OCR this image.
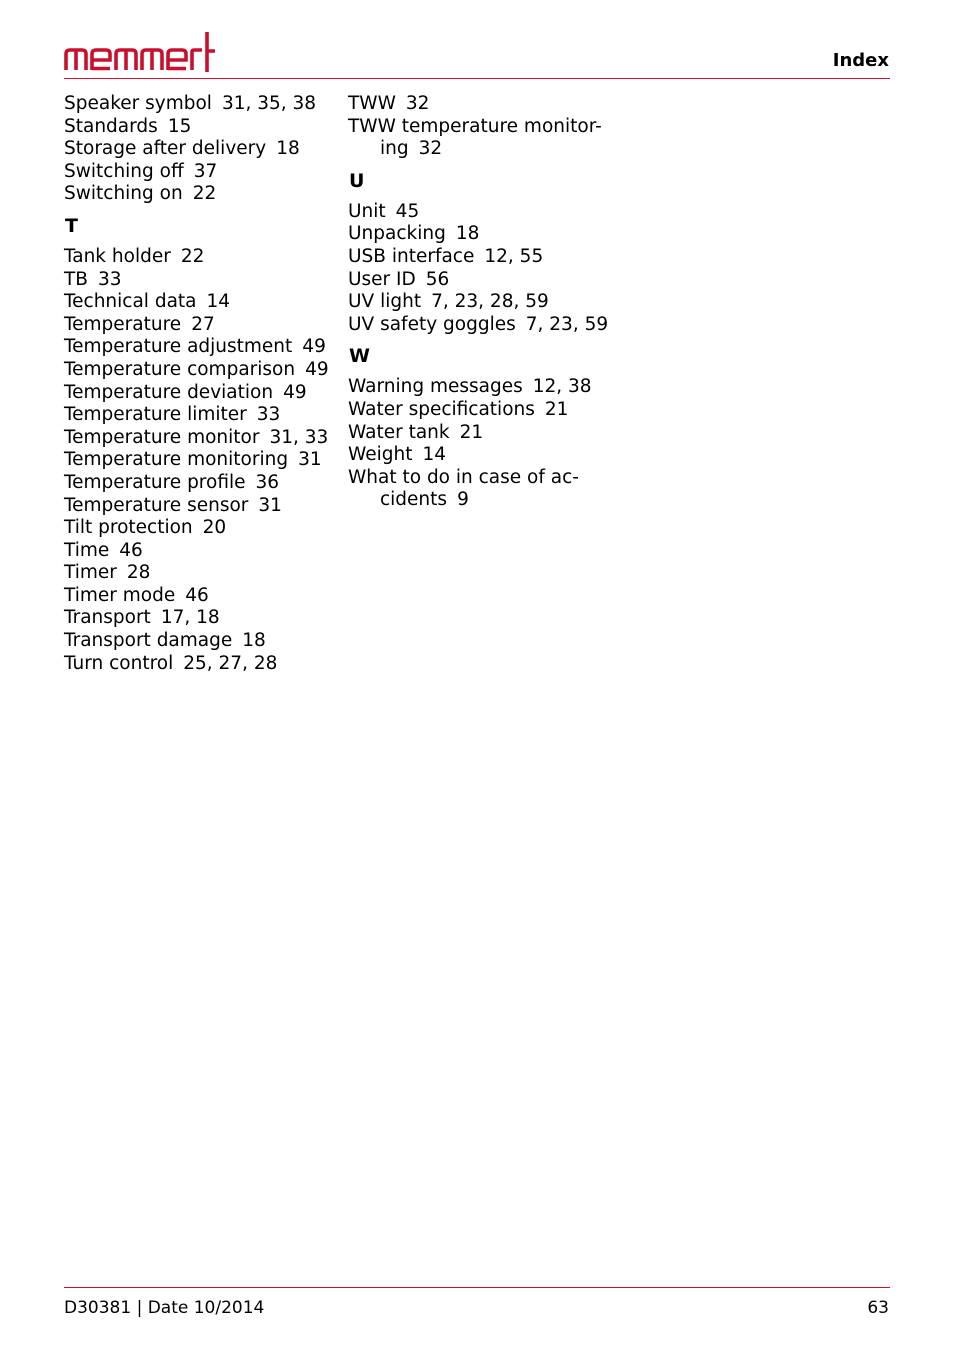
Index
Speaker symbol 31, 35, 38
Standards 15
Storage after delivery 18
Switching off 37
Switching on 22
T
Tank holder 22
TB 33
Technical data 14
Temperature 27
Temperature adjustment 49
Temperature comparison 49
Temperature deviation 49
Temperature limiter 33
Temperature monitor 31, 33
Temperature monitoring 31
Temperature profile 36
Temperature sensor 31
Tilt protection 20
Time 46
Timer 28
Timer mode 46
Transport 17, 18
Transport damage 18
Turn control 25, 27, 28
TWW 32
TWW temperature monitor-
ing 32
U
Unit 45
Unpacking 18
USB interface 12, 55
User ID 56
UV light 7, 23, 28, 59
UV safety goggles 7, 23, 59
W
Warning messages 12, 38
Water specifications 21
Water tank 21
Weight 14
What to do in case of ac-
cidents 9
D30381 | Date 10/2014	63
